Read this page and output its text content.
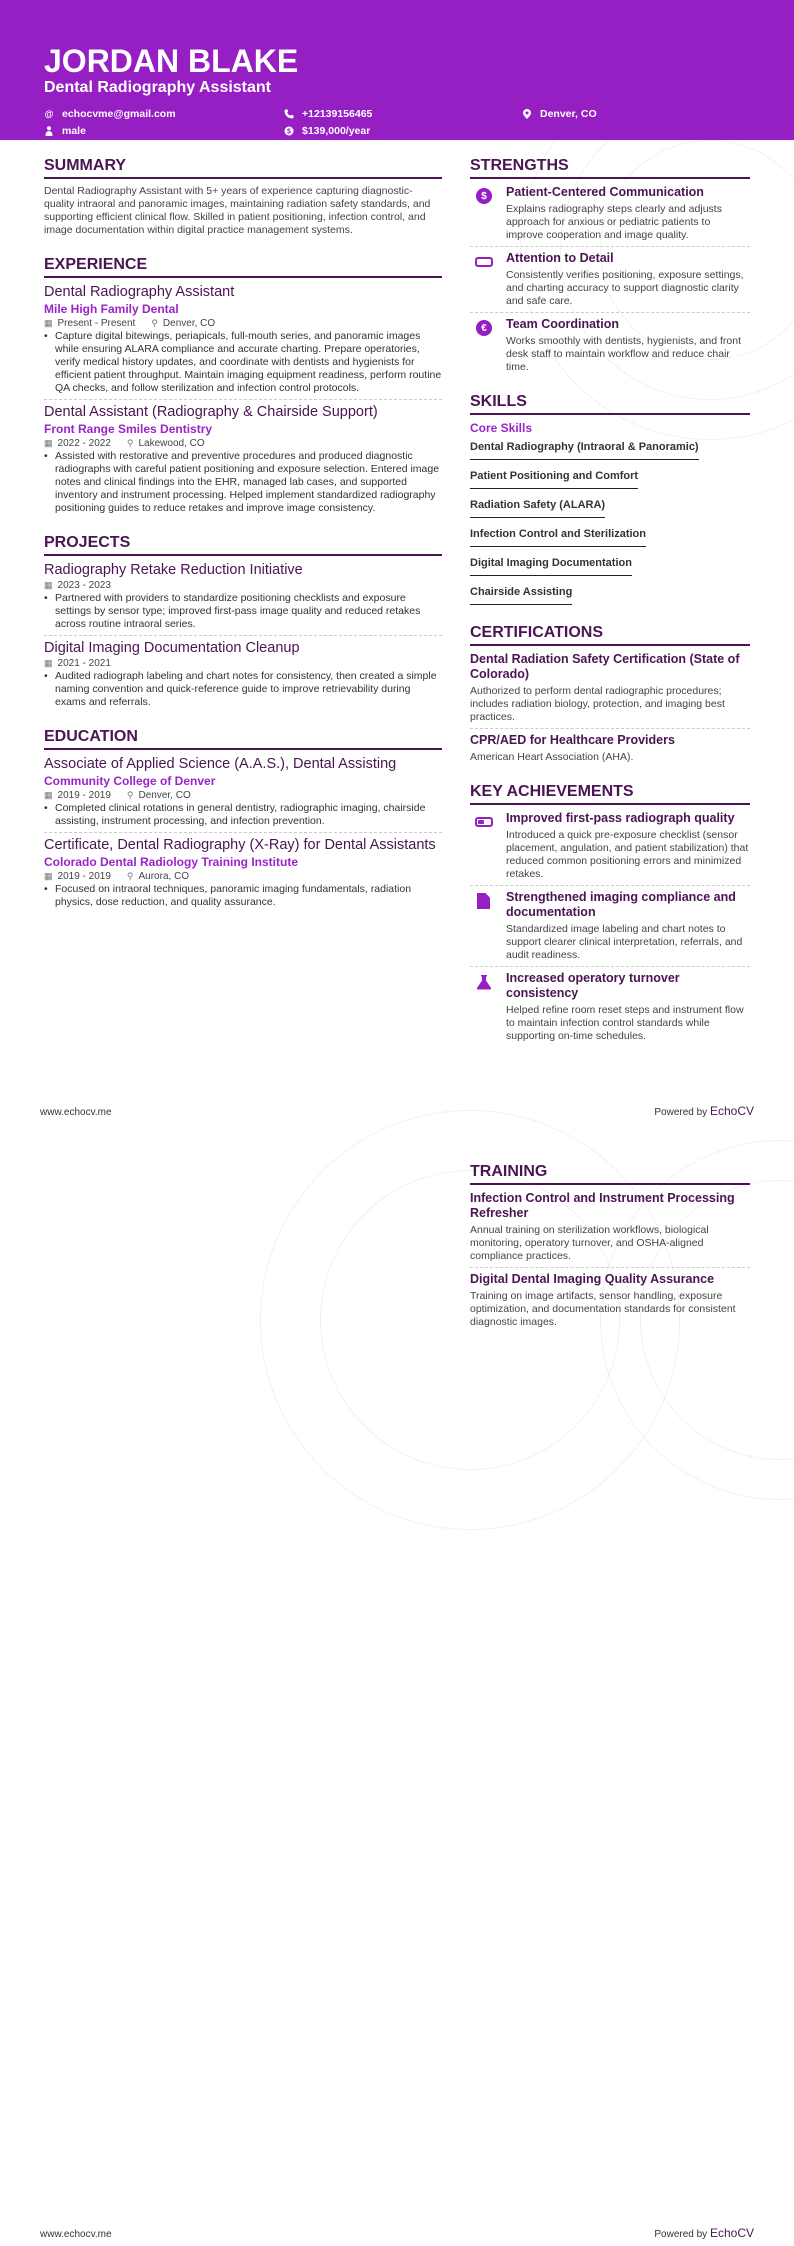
JORDAN BLAKE
Dental Radiography Assistant
@ echocvme@gmail.com	+12139156465	Denver, CO
male	$ $139,000/year
SUMMARY
Dental Radiography Assistant with 5+ years of experience capturing diagnostic-quality intraoral and panoramic images, maintaining radiation safety standards, and supporting efficient clinical flow. Skilled in patient positioning, infection control, and image documentation within digital practice management systems.
EXPERIENCE
Dental Radiography Assistant
Mile High Family Dental
▦ Present - Present ⚲ Denver, CO
• Capture digital bitewings, periapicals, full-mouth series, and panoramic images while ensuring ALARA compliance and accurate charting. Prepare operatories, verify medical history updates, and coordinate with dentists and hygienists for efficient patient throughput. Maintain imaging equipment readiness, perform routine QA checks, and follow sterilization and infection control protocols.
Dental Assistant (Radiography & Chairside Support)
Front Range Smiles Dentistry
▦ 2022 - 2022 ⚲ Lakewood, CO
• Assisted with restorative and preventive procedures and produced diagnostic radiographs with careful patient positioning and exposure selection. Entered image notes and clinical findings into the EHR, managed lab cases, and supported inventory and instrument processing. Helped implement standardized radiography positioning guides to reduce retakes and improve image consistency.
PROJECTS
Radiography Retake Reduction Initiative
▦ 2023 - 2023
• Partnered with providers to standardize positioning checklists and exposure settings by sensor type; improved first-pass image quality and reduced retakes across routine intraoral series.
Digital Imaging Documentation Cleanup
▦ 2021 - 2021
• Audited radiograph labeling and chart notes for consistency, then created a simple naming convention and quick-reference guide to improve retrievability during exams and referrals.
EDUCATION
Associate of Applied Science (A.A.S.), Dental Assisting
Community College of Denver
▦ 2019 - 2019 ⚲ Denver, CO
• Completed clinical rotations in general dentistry, radiographic imaging, chairside assisting, instrument processing, and infection prevention.
Certificate, Dental Radiography (X-Ray) for Dental Assistants
Colorado Dental Radiology Training Institute
▦ 2019 - 2019 ⚲ Aurora, CO
• Focused on intraoral techniques, panoramic imaging fundamentals, radiation physics, dose reduction, and quality assurance.
STRENGTHS
$	Patient-Centered Communication
Explains radiography steps clearly and adjusts approach for anxious or pediatric patients to improve cooperation and image quality.
Attention to Detail
Consistently verifies positioning, exposure settings, and charting accuracy to support diagnostic clarity and safe care.
€	Team Coordination
Works smoothly with dentists, hygienists, and front desk staff to maintain workflow and reduce chair time.
SKILLS
Core Skills
Dental Radiography (Intraoral & Panoramic)
Patient Positioning and Comfort
Radiation Safety (ALARA)
Infection Control and Sterilization
Digital Imaging Documentation
Chairside Assisting
CERTIFICATIONS
Dental Radiation Safety Certification (State of Colorado)
Authorized to perform dental radiographic procedures; includes radiation biology, protection, and imaging best practices.
CPR/AED for Healthcare Providers
American Heart Association (AHA).
KEY ACHIEVEMENTS
Improved first-pass radiograph quality
Introduced a quick pre-exposure checklist (sensor placement, angulation, and patient stabilization) that reduced common positioning errors and minimized retakes.
Strengthened imaging compliance and documentation
Standardized image labeling and chart notes to support clearer clinical interpretation, referrals, and audit readiness.
Increased operatory turnover consistency
Helped refine room reset steps and instrument flow to maintain infection control standards while supporting on-time schedules.
www.echocv.me	Powered by EchoCV
TRAINING
Infection Control and Instrument Processing Refresher
Annual training on sterilization workflows, biological monitoring, operatory turnover, and OSHA-aligned compliance practices.
Digital Dental Imaging Quality Assurance
Training on image artifacts, sensor handling, exposure optimization, and documentation standards for consistent diagnostic images.
www.echocv.me	Powered by EchoCV
